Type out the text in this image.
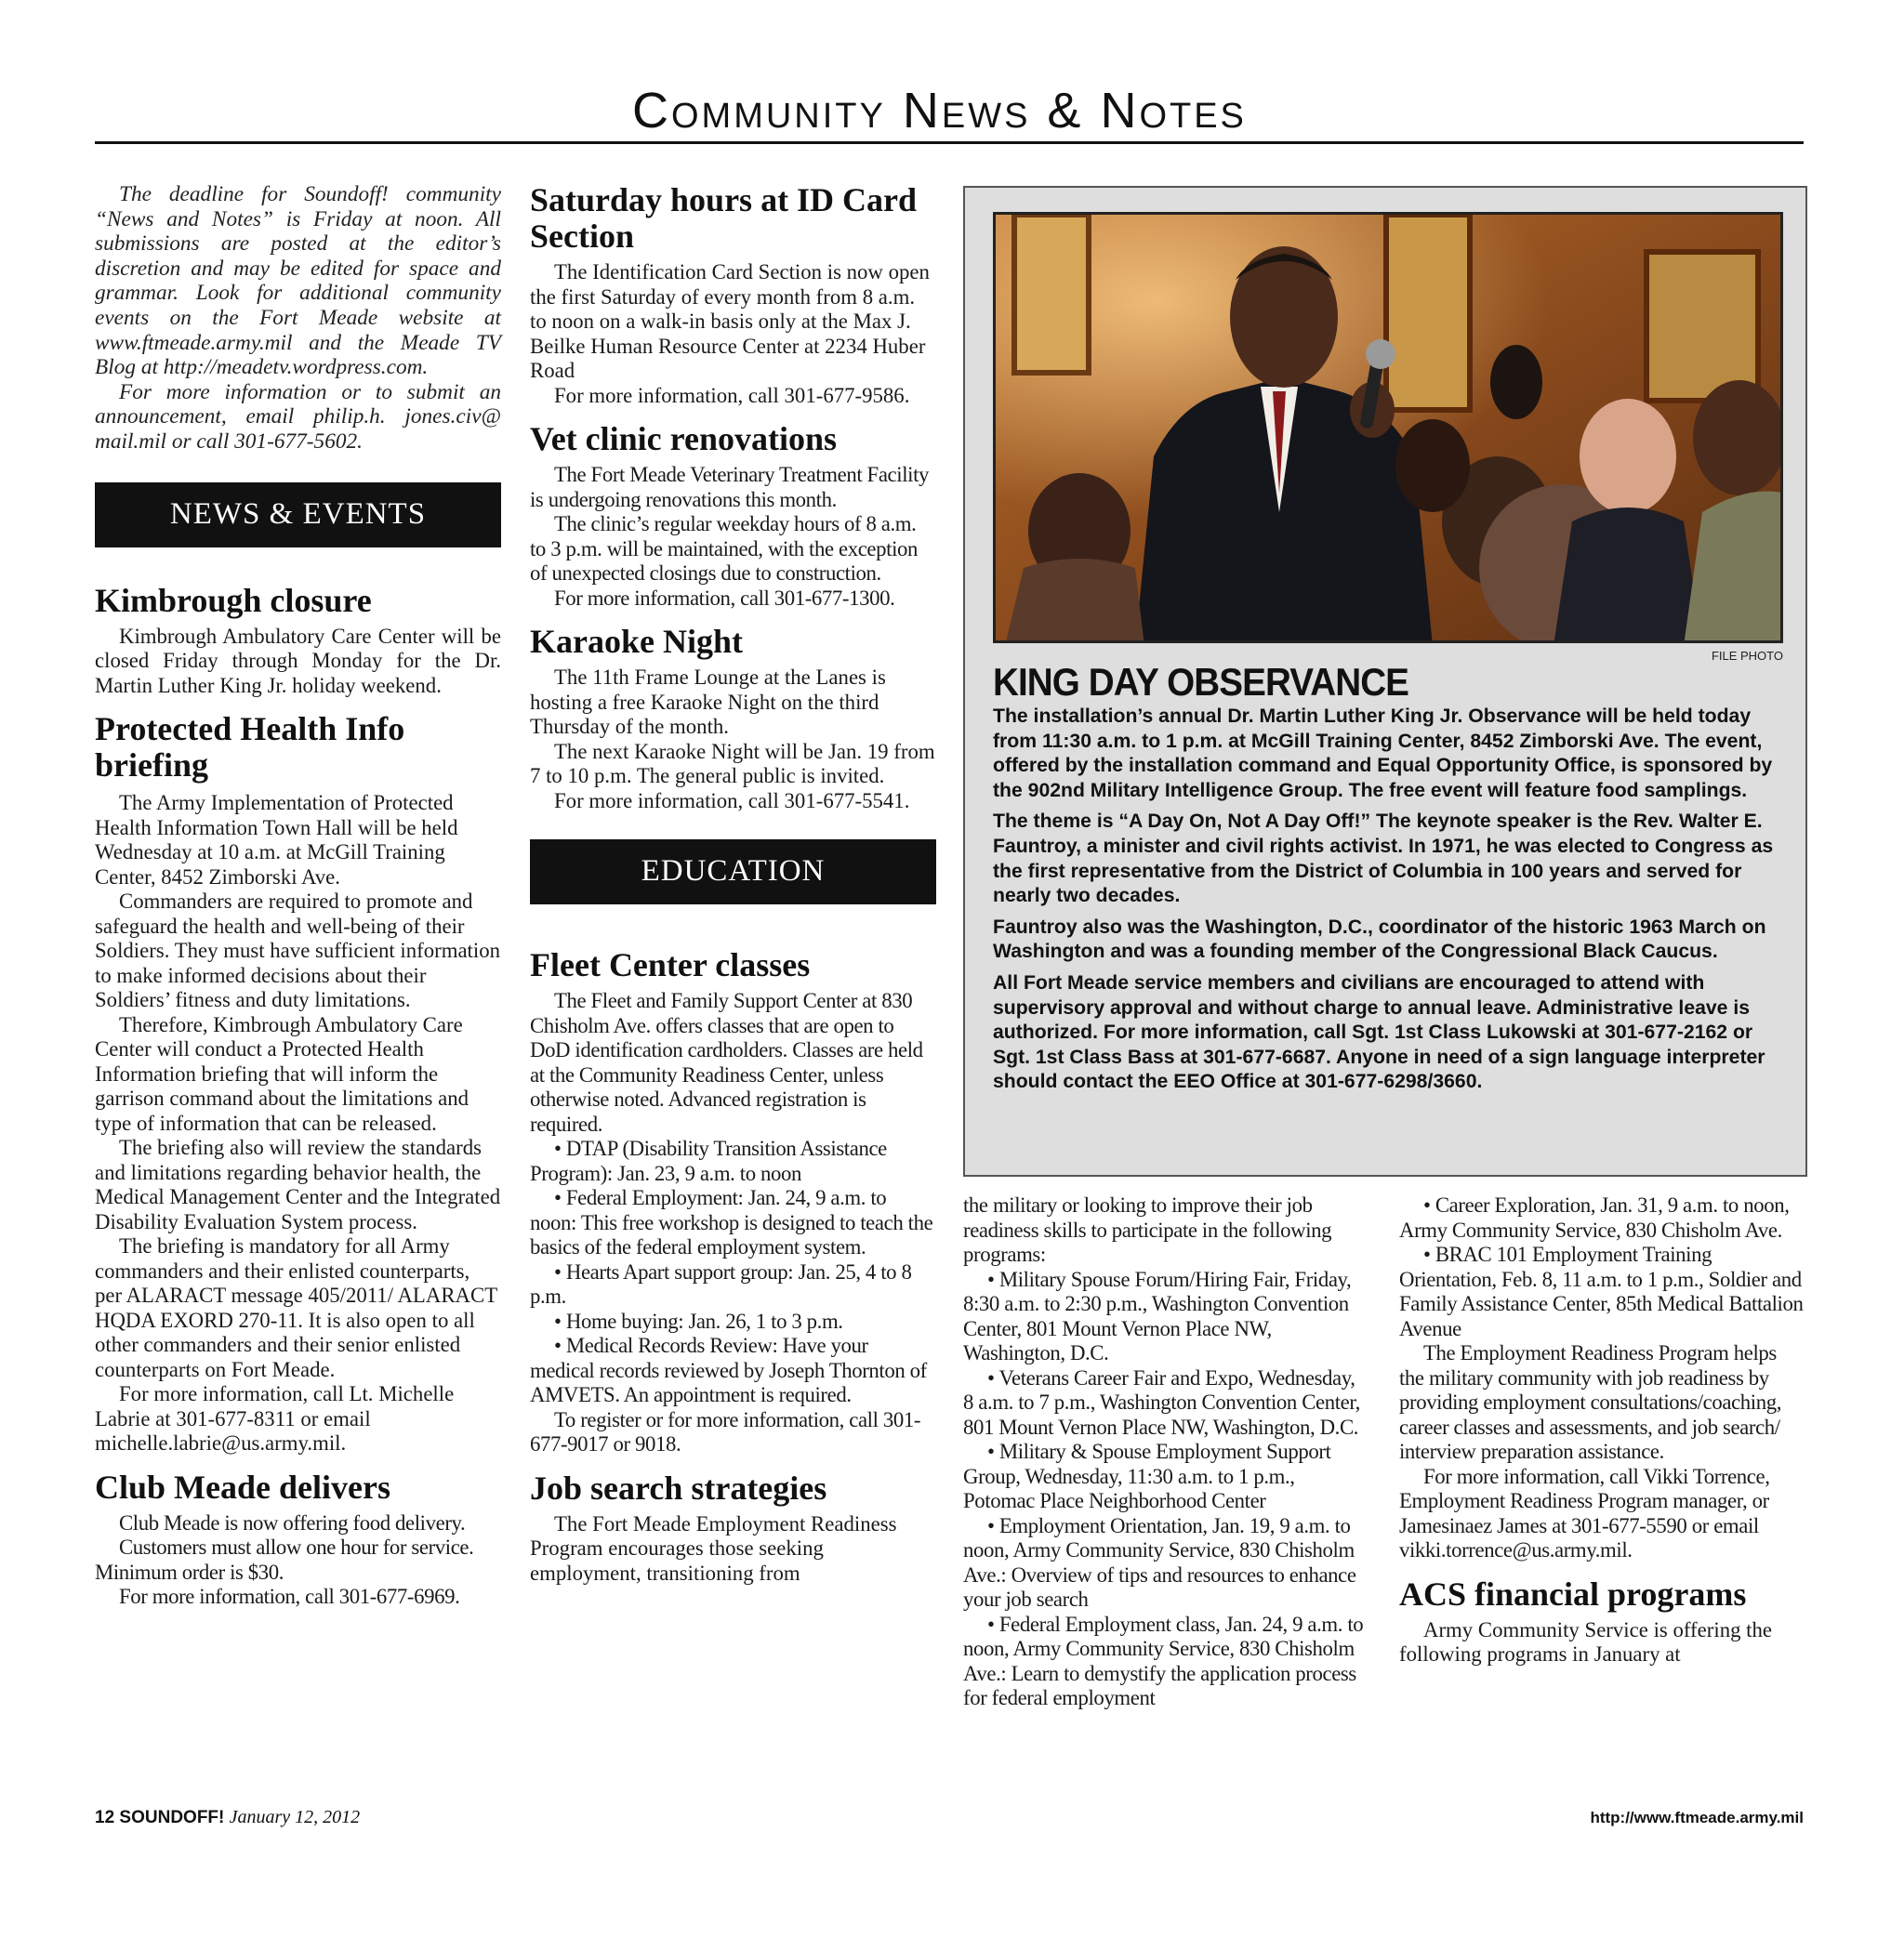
Community News & Notes

The deadline for Soundoff! community “News and Notes” is Friday at noon. All submissions are posted at the editor’s discretion and may be edited for space and grammar. Look for additional community events on the Fort Meade website at www.ftmeade.army.mil and the Meade TV Blog at http://meadetv.wordpress.com.

For more information or to submit an announcement, email philip.h. jones.civ@ mail.mil or call 301-677-5602.

NEWS & EVENTS
Kimbrough closure

Kimbrough Ambulatory Care Center will be closed Friday through Monday for the Dr. Martin Luther King Jr. holiday weekend.

Protected Health Info briefing

The Army Implementation of Protected Health Information Town Hall will be held Wednesday at 10 a.m. at McGill Training Center, 8452 Zimborski Ave.

Commanders are required to promote and safeguard the health and well-being of their Soldiers. They must have sufficient information to make informed decisions about their Soldiers’ fitness and duty limitations.

Therefore, Kimbrough Ambulatory Care Center will conduct a Protected Health Information briefing that will inform the garrison command about the limitations and type of information that can be released.

The briefing also will review the standards and limitations regarding behavior health, the Medical Management Center and the Integrated Disability Evaluation System process.

The briefing is mandatory for all Army commanders and their enlisted counterparts, per ALARACT message 405/2011/ ALARACT HQDA EXORD 270-11. It is also open to all other commanders and their senior enlisted counterparts on Fort Meade.

For more information, call Lt. Michelle Labrie at 301-677-8311 or email michelle.labrie@us.army.mil.

Club Meade delivers

Club Meade is now offering food delivery.

Customers must allow one hour for service. Minimum order is $30.

For more information, call 301-677-6969.

Saturday hours at ID Card Section

The Identification Card Section is now open the first Saturday of every month from 8 a.m. to noon on a walk-in basis only at the Max J. Beilke Human Resource Center at 2234 Huber Road

For more information, call 301-677-9586.

Vet clinic renovations

The Fort Meade Veterinary Treatment Facility is undergoing renovations this month.

The clinic’s regular weekday hours of 8 a.m. to 3 p.m. will be maintained, with the exception of unexpected closings due to construction.

For more information, call 301-677-1300.

Karaoke Night

The 11th Frame Lounge at the Lanes is hosting a free Karaoke Night on the third Thursday of the month.

The next Karaoke Night will be Jan. 19 from 7 to 10 p.m. The general public is invited.

For more information, call 301-677-5541.

EDUCATION
Fleet Center classes

The Fleet and Family Support Center at 830 Chisholm Ave. offers classes that are open to DoD identification cardholders. Classes are held at the Community Readiness Center, unless otherwise noted. Advanced registration is required.

• DTAP (Disability Transition Assistance Program): Jan. 23, 9 a.m. to noon

• Federal Employment: Jan. 24, 9 a.m. to noon: This free workshop is designed to teach the basics of the federal employment system.

• Hearts Apart support group: Jan. 25, 4 to 8 p.m.

• Home buying: Jan. 26, 1 to 3 p.m.

• Medical Records Review: Have your medical records reviewed by Joseph Thornton of AMVETS. An appointment is required.

To register or for more information, call 301-677-9017 or 9018.

Job search strategies

The Fort Meade Employment Readiness Program encourages those seeking employment, transitioning from

FILE PHOTO
KING DAY OBSERVANCE

The installation’s annual Dr. Martin Luther King Jr. Observance will be held today from 11:30 a.m. to 1 p.m. at McGill Training Center, 8452 Zimborski Ave. The event, offered by the installation command and Equal Opportunity Office, is sponsored by the 902nd Military Intelligence Group. The free event will feature food samplings.

The theme is “A Day On, Not A Day Off!” The keynote speaker is the Rev. Walter E. Fauntroy, a minister and civil rights activist. In 1971, he was elected to Congress as the first representative from the District of Columbia in 100 years and served for nearly two decades.

Fauntroy also was the Washington, D.C., coordinator of the historic 1963 March on Washington and was a founding member of the Congressional Black Caucus.

All Fort Meade service members and civilians are encouraged to attend with supervisory approval and without charge to annual leave. Administrative leave is authorized. For more information, call Sgt. 1st Class Lukowski at 301-677-2162 or Sgt. 1st Class Bass at 301-677-6687. Anyone in need of a sign language interpreter should contact the EEO Office at 301-677-6298/3660.

the military or looking to improve their job readiness skills to participate in the following programs:

• Military Spouse Forum/Hiring Fair, Friday, 8:30 a.m. to 2:30 p.m., Washington Convention Center, 801 Mount Vernon Place NW, Washington, D.C.

• Veterans Career Fair and Expo, Wednesday, 8 a.m. to 7 p.m., Washington Convention Center, 801 Mount Vernon Place NW, Washington, D.C.

• Military & Spouse Employment Support Group, Wednesday, 11:30 a.m. to 1 p.m., Potomac Place Neighborhood Center

• Employment Orientation, Jan. 19, 9 a.m. to noon, Army Community Service, 830 Chisholm Ave.: Overview of tips and resources to enhance your job search

• Federal Employment class, Jan. 24, 9 a.m. to noon, Army Community Service, 830 Chisholm Ave.: Learn to demystify the application process for federal employment

• Career Exploration, Jan. 31, 9 a.m. to noon, Army Community Service, 830 Chisholm Ave.

• BRAC 101 Employment Training Orientation, Feb. 8, 11 a.m. to 1 p.m., Soldier and Family Assistance Center, 85th Medical Battalion Avenue

The Employment Readiness Program helps the military community with job readiness by providing employment consultations/coaching, career classes and assessments, and job search/ interview preparation assistance.

For more information, call Vikki Torrence, Employment Readiness Program manager, or Jamesinaez James at 301-677-5590 or email vikki.torrence@us.army.mil.

ACS financial programs

Army Community Service is offering the following programs in January at

12 SOUNDOFF! January 12, 2012	http://www.ftmeade.army.mil
